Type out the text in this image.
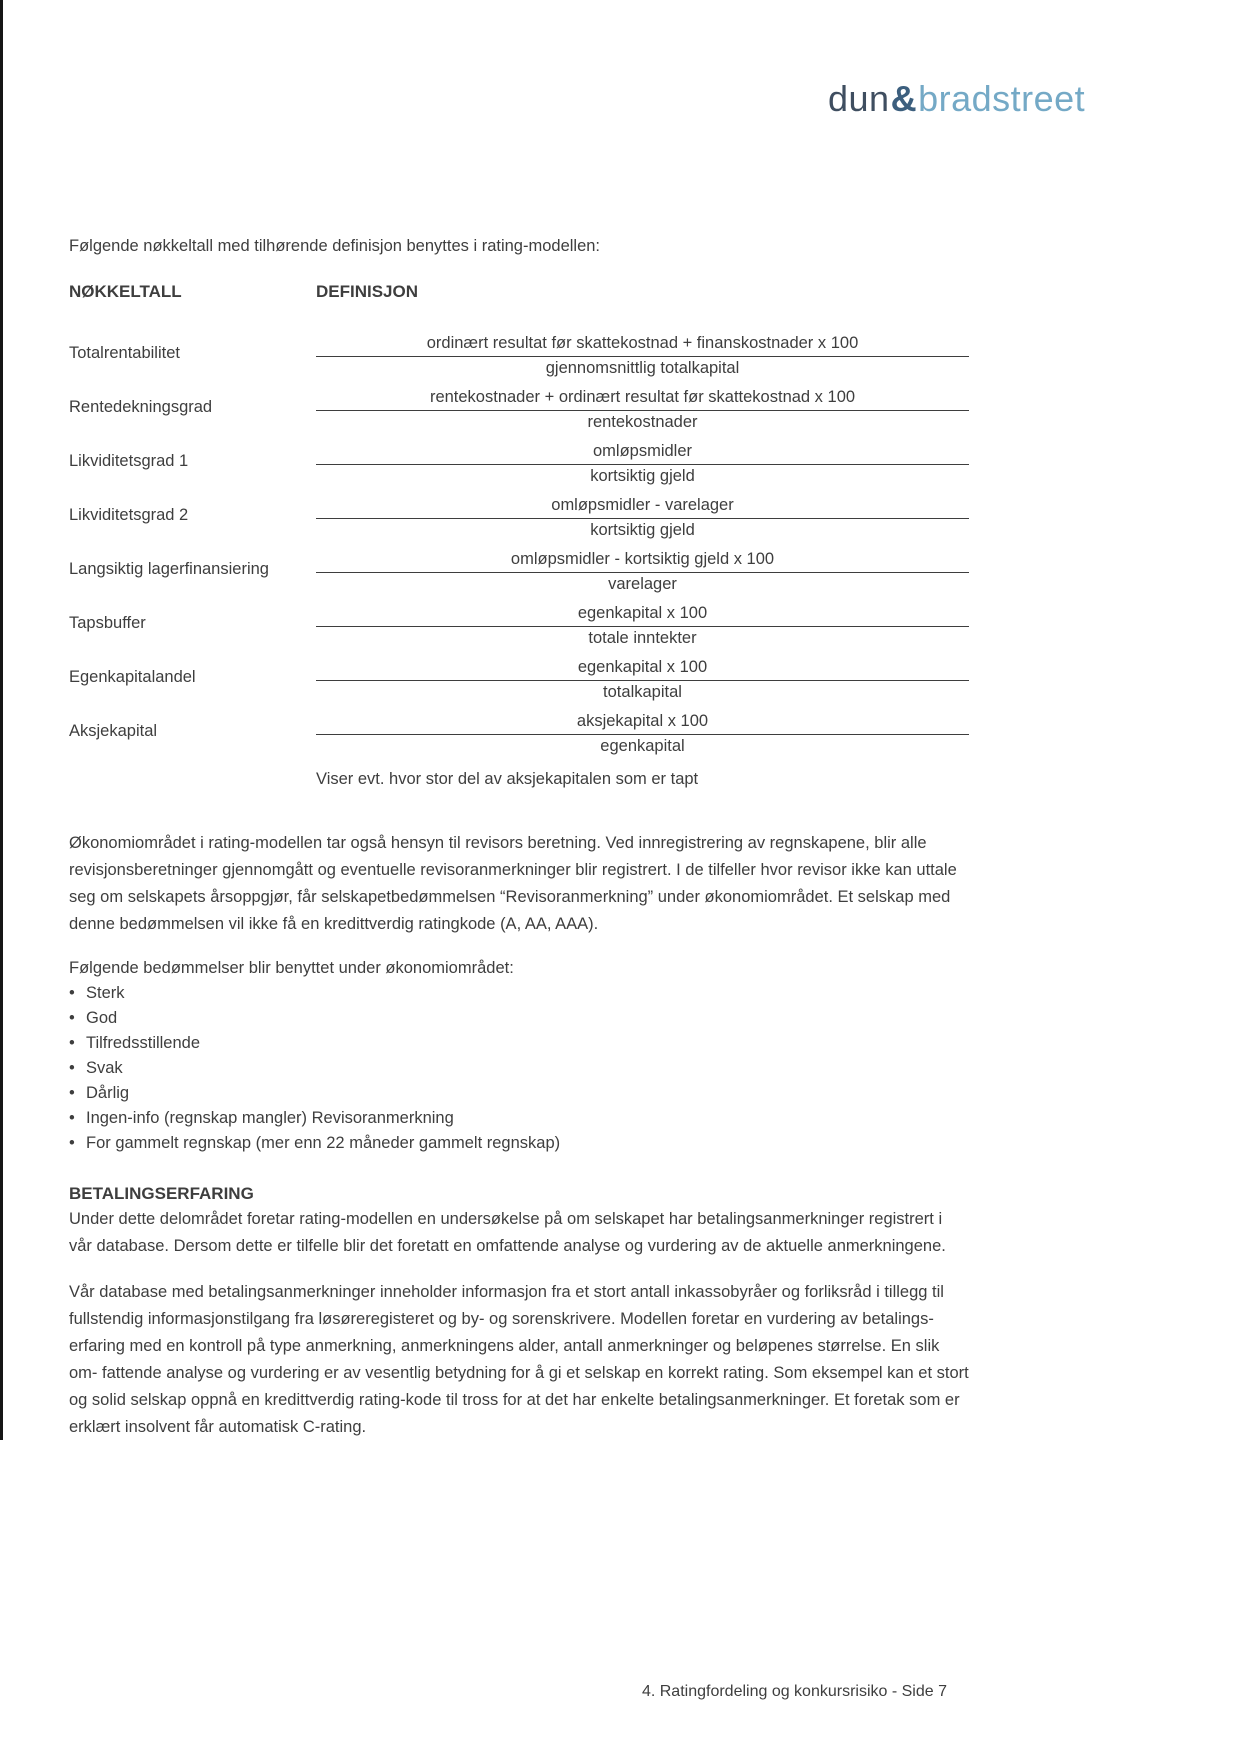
dun&bradstreet
Følgende nøkkeltall med tilhørende definisjon benyttes i rating-modellen:
NØKKELTALL	DEFINISJON
Totalrentabilitet	$\frac{\text{ordinært resultat før skattekostnad + finanskostnader x 100}}{\text{gjennomsnittlig totalkapital}}$
Rentedekningsgrad	$\frac{\text{rentekostnader + ordinært resultat før skattekostnad x 100}}{\text{rentekostnader}}$
Likviditetsgrad 1	$\frac{\text{omløpsmidler}}{\text{kortsiktig gjeld}}$
Likviditetsgrad 2	$\frac{\text{omløpsmidler - varelager}}{\text{kortsiktig gjeld}}$
Langsiktig lagerfinansiering	$\frac{\text{omløpsmidler - kortsiktig gjeld x 100}}{\text{varelager}}$
Tapsbuffer	$\frac{\text{egenkapital x 100}}{\text{totale inntekter}}$
Egenkapitalandel	$\frac{\text{egenkapital x 100}}{\text{totalkapital}}$
Aksjekapital	$\frac{\text{aksjekapital x 100}}{\text{egenkapital}}$
Viser evt. hvor stor del av aksjekapitalen som er tapt
Økonomiområdet i rating-modellen tar også hensyn til revisors beretning. Ved innregistrering av regnskapene, blir alle revisjonsberetninger gjennomgått og eventuelle revisoranmerkninger blir registrert. I de tilfeller hvor revisor ikke kan uttale seg om selskapets årsoppgjør, får selskapetbedømmelsen “Revisoranmerkning” under økonomiområdet. Et selskap med denne bedømmelsen vil ikke få en kredittverdig ratingkode (A, AA, AAA).
Følgende bedømmelser blir benyttet under økonomiområdet:
• Sterk
• God
• Tilfredsstillende
• Svak
• Dårlig
• Ingen-info (regnskap mangler) Revisoranmerkning
• For gammelt regnskap (mer enn 22 måneder gammelt regnskap)
BETALINGSERFARING
Under dette delområdet foretar rating-modellen en undersøkelse på om selskapet har betalingsanmerkninger registrert i vår database. Dersom dette er tilfelle blir det foretatt en omfattende analyse og vurdering av de aktuelle anmerkningene.
Vår database med betalingsanmerkninger inneholder informasjon fra et stort antall inkassobyråer og forliksråd i tillegg til fullstendig informasjonstilgang fra løsøreregisteret og by- og sorenskrivere. Modellen foretar en vurdering av betalings- erfaring med en kontroll på type anmerkning, anmerkningens alder, antall anmerkninger og beløpenes størrelse. En slik om- fattende analyse og vurdering er av vesentlig betydning for å gi et selskap en korrekt rating. Som eksempel kan et stort og solid selskap oppnå en kredittverdig rating-kode til tross for at det har enkelte betalingsanmerkninger. Et foretak som er erklært insolvent får automatisk C-rating.
4. Ratingfordeling og konkursrisiko - Side 7
